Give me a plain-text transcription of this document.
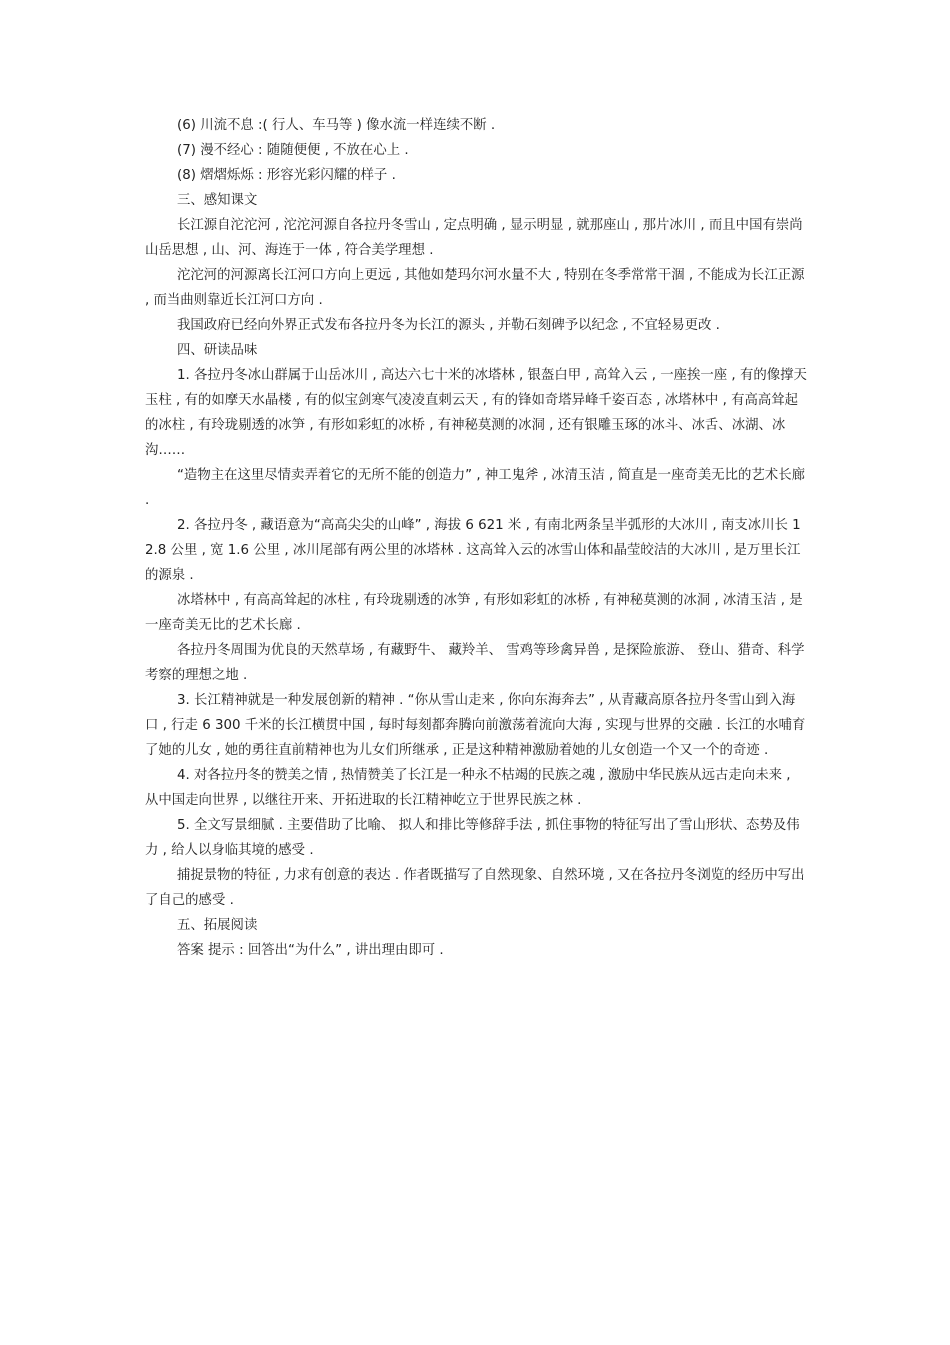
(6) 川流不息 :( 行人、车马等 ) 像水流一样连续不断 .

(7) 漫不经心 : 随随便便 , 不放在心上 .

(8) 熠熠烁烁 : 形容光彩闪耀的样子 .

三、感知课文

长江源自沱沱河 , 沱沱河源自各拉丹冬雪山 , 定点明确 , 显示明显 , 就那座山 , 那片冰川 , 而且中国有崇尚山岳思想 , 山、河、海连于一体 , 符合美学理想 .

沱沱河的河源离长江河口方向上更远 , 其他如楚玛尔河水量不大 , 特别在冬季常常干涸 , 不能成为长江正源 , 而当曲则靠近长江河口方向 .

我国政府已经向外界正式发布各拉丹冬为长江的源头 , 并勒石刻碑予以纪念 , 不宜轻易更改 .

四、研读品味

1. 各拉丹冬冰山群属于山岳冰川 , 高达六七十米的冰塔林 , 银盔白甲 , 高耸入云 , 一座挨一座 , 有的像撑天玉柱 , 有的如摩天水晶楼 , 有的似宝剑寒气凌凌直刺云天 , 有的锋如奇塔异峰千姿百态 , 冰塔林中 , 有高高耸起的冰柱 , 有玲珑剔透的冰笋 , 有形如彩虹的冰桥 , 有神秘莫测的冰洞 , 还有银雕玉琢的冰斗、冰舌、冰湖、冰沟……

“造物主在这里尽情卖弄着它的无所不能的创造力” , 神工鬼斧 , 冰清玉洁 , 简直是一座奇美无比的艺术长廊 .

2. 各拉丹冬 , 藏语意为“高高尖尖的山峰” , 海拔 6 621 米 , 有南北两条呈半弧形的大冰川 , 南支冰川长 12.8 公里 , 宽 1.6 公里 , 冰川尾部有两公里的冰塔林 . 这高耸入云的冰雪山体和晶莹皎洁的大冰川 , 是万里长江的源泉 .

冰塔林中 , 有高高耸起的冰柱 , 有玲珑剔透的冰笋 , 有形如彩虹的冰桥 , 有神秘莫测的冰洞 , 冰清玉洁 , 是一座奇美无比的艺术长廊 .

各拉丹冬周围为优良的天然草场 , 有藏野牛、 藏羚羊、 雪鸡等珍禽异兽 , 是探险旅游、 登山、猎奇、科学考察的理想之地 .

3. 长江精神就是一种发展创新的精神 . “你从雪山走来 , 你向东海奔去” , 从青藏高原各拉丹冬雪山到入海口 , 行走 6 300 千米的长江横贯中国 , 每时每刻都奔腾向前激荡着流向大海 , 实现与世界的交融 . 长江的水哺育了她的儿女 , 她的勇往直前精神也为儿女们所继承 , 正是这种精神激励着她的儿女创造一个又一个的奇迹 .

4. 对各拉丹冬的赞美之情 , 热情赞美了长江是一种永不枯竭的民族之魂 , 激励中华民族从远古走向未来 , 从中国走向世界 , 以继往开来、开拓进取的长江精神屹立于世界民族之林 .

5. 全文写景细腻 . 主要借助了比喻、 拟人和排比等修辞手法 , 抓住事物的特征写出了雪山形状、态势及伟力 , 给人以身临其境的感受 .

捕捉景物的特征 , 力求有创意的表达 . 作者既描写了自然现象、自然环境 , 又在各拉丹冬浏览的经历中写出了自己的感受 .

五、拓展阅读

答案 提示 : 回答出“为什么” , 讲出理由即可 .
